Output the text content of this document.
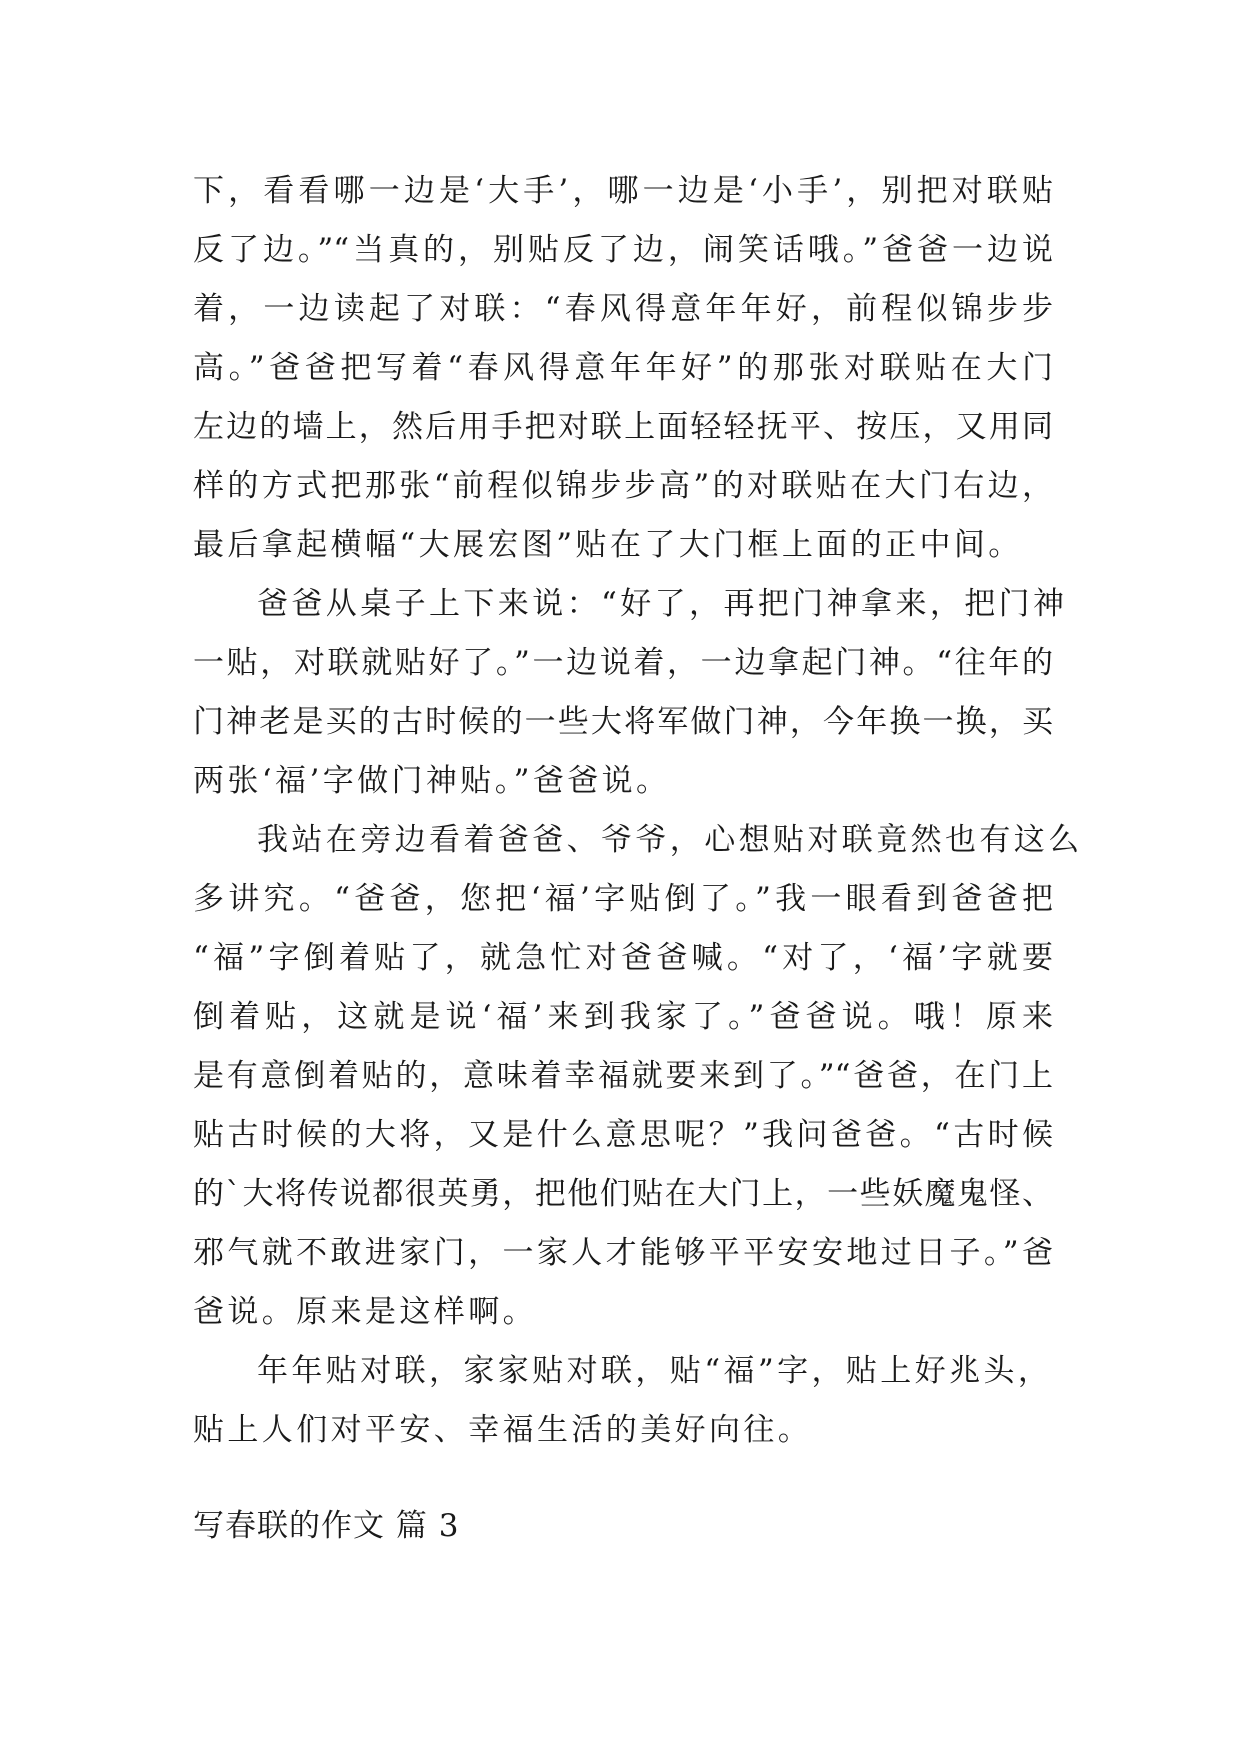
下，看看哪一边是‘大手’，哪一边是‘小手’，别把对联贴
反了边。”“当真的，别贴反了边，闹笑话哦。”爸爸一边说
着，一边读起了对联：“春风得意年年好，前程似锦步步
高。”爸爸把写着“春风得意年年好”的那张对联贴在大门
左边的墙上，然后用手把对联上面轻轻抚平、按压，又用同
样的方式把那张“前程似锦步步高”的对联贴在大门右边，
最后拿起横幅“大展宏图”贴在了大门框上面的正中间。
爸爸从桌子上下来说：“好了，再把门神拿来，把门神
一贴，对联就贴好了。”一边说着，一边拿起门神。“往年的
门神老是买的古时候的一些大将军做门神，今年换一换，买
两张‘福’字做门神贴。”爸爸说。
我站在旁边看着爸爸、爷爷，心想贴对联竟然也有这么
多讲究。“爸爸，您把‘福’字贴倒了。”我一眼看到爸爸把
“福”字倒着贴了，就急忙对爸爸喊。“对了，‘福’字就要
倒着贴，这就是说‘福’来到我家了。”爸爸说。哦！原来
是有意倒着贴的，意味着幸福就要来到了。”“爸爸，在门上
贴古时候的大将，又是什么意思呢？”我问爸爸。“古时候
的`大将传说都很英勇，把他们贴在大门上，一些妖魔鬼怪、
邪气就不敢进家门，一家人才能够平平安安地过日子。”爸
爸说。原来是这样啊。
年年贴对联，家家贴对联，贴“福”字，贴上好兆头，
贴上人们对平安、幸福生活的美好向往。
写春联的作文 篇 3
